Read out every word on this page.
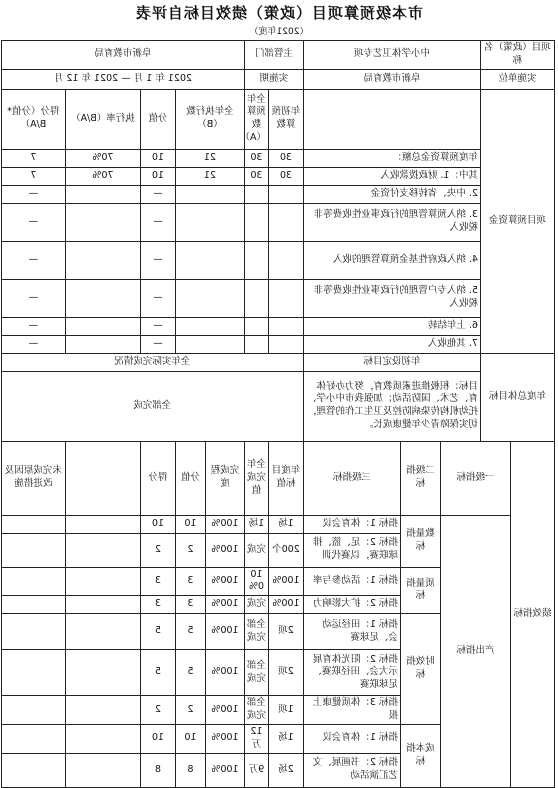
市本级预算项目（政策）绩效目标自评表
（2021年度）
项目（政策）名称		中小学体卫艺专项			主管部门		阜新市教育局				
实施单位		阜新市教育局			实施期		2021 年 1 月 — 2021 年 12 月				
项目预算资金					年初预算数	全年预算数（A）	全年执行数（B）		分值	执行率（B/A）	得分（分值*B/A）
		年度预算资金总额：			30	30	21		10	70%	7
		其中：1. 财政拨款收入			30	30	21		10	70%	7
		2. 中央、省转移支付资金							—		—
		3. 纳入预算管理的行政事业性收费等非税收入							—		—
		4. 纳入政府性基金预算管理的收入							—		—
		5. 纳入专户管理的行政事业性收费等非税收入							—		—
		6. 上年结转							—		—
		7. 其他收入							—		—
年度总体目标		年初设定目标			全年实际完成情况						
		目标：积极推进素质教育，努力办好体育、艺术、国防活动；加强我市中小学、托幼机构传染病防控及卫生工作的管理，切实保障青少年健康成长。			全部完成						
绩效指标	一级指标		二级指标	三级指标	年度目标值	全年完成值	完成程度	分值	得分		未完成原因及改进措施
	产出指标		数量指标	指标 1：体育会议	1场	1场	100%	10	10		
				指标 2：足、篮、排球联赛，以赛代训	200个	完成	100%	2	2		
			质量指标	指标 1：活动参与率	100%	100%	100%	3	3		
				指标 2：扩大影响力	100%	完成	100%	3	3		
			时效指标	指标 1：田径运动会、足球赛	2项	全部完成	100%	5	5		
				指标 2：阳光体育展示大会、田径联赛、足球联赛	2项	全部完成	100%	5	5		
				指标 3：体质健康上报	1项	全部完成	100%	2	2		
			成本指标	指标 1：体育会议	1场	12万	100%	10	10		
				指标 2：书画展、文艺汇演活动	2场	9万	100%	8	8		
